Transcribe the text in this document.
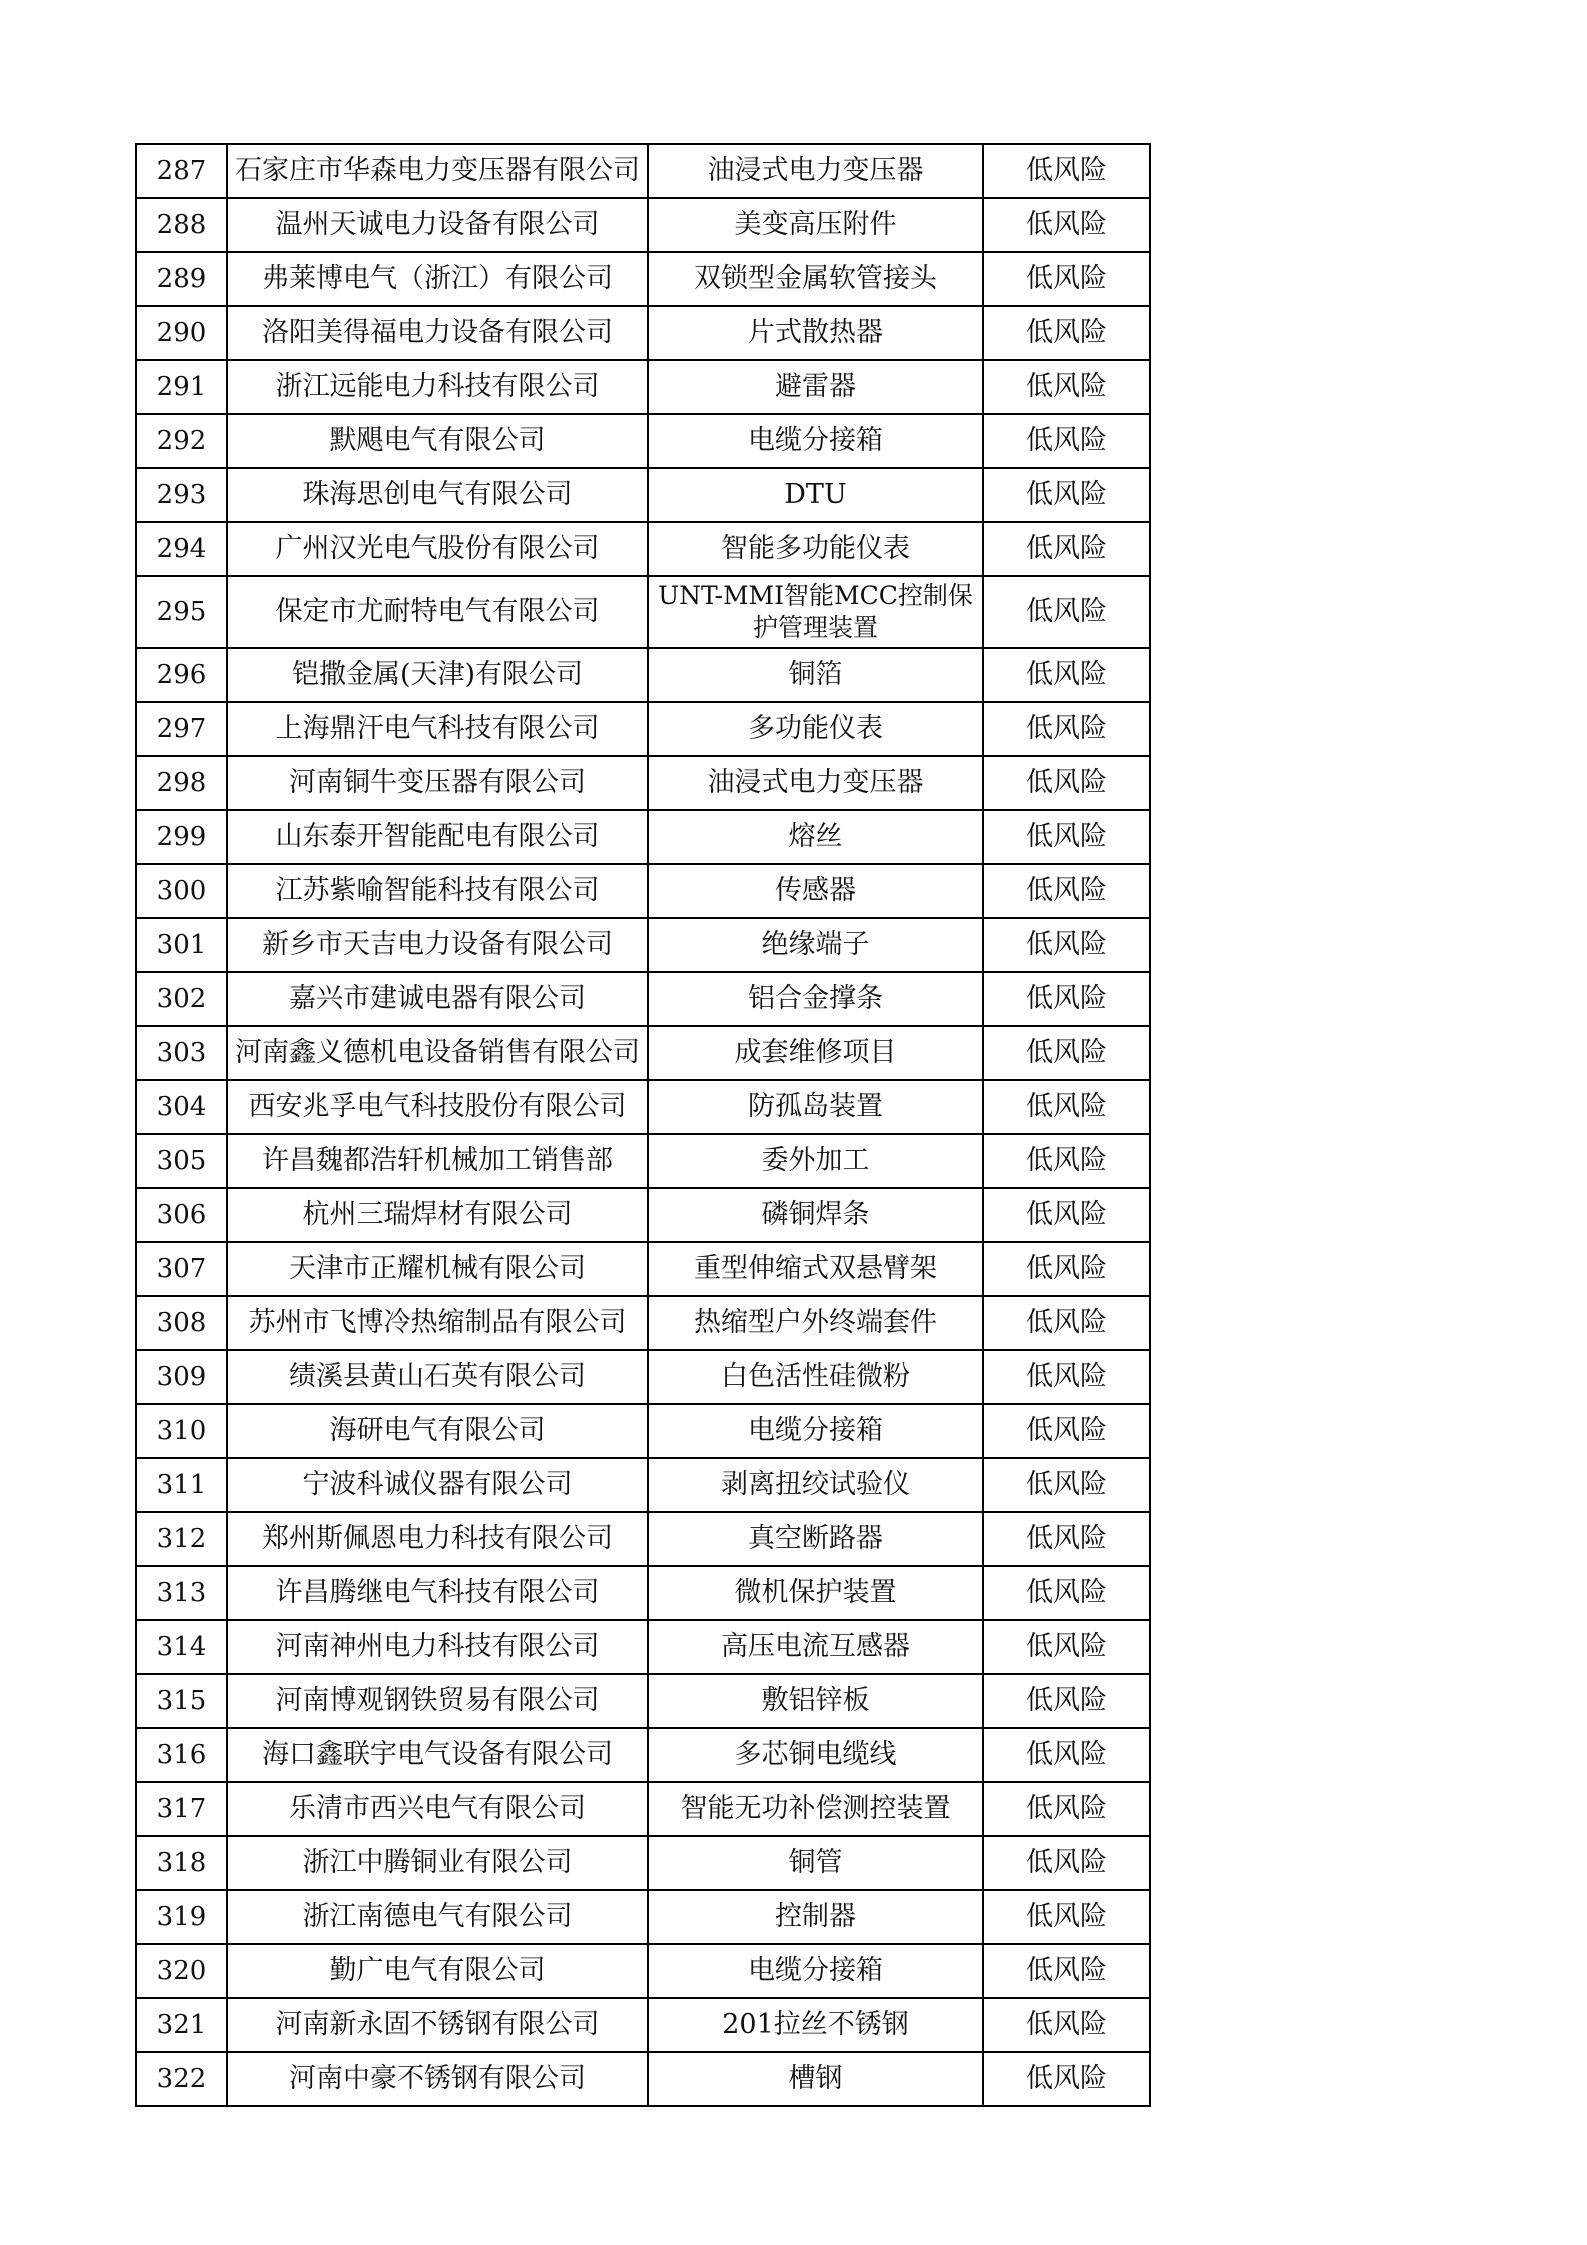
287	石家庄市华森电力变压器有限公司	油浸式电力变压器	低风险
288	温州天诚电力设备有限公司	美变高压附件	低风险
289	弗莱博电气（浙江）有限公司	双锁型金属软管接头	低风险
290	洛阳美得福电力设备有限公司	片式散热器	低风险
291	浙江远能电力科技有限公司	避雷器	低风险
292	默飓电气有限公司	电缆分接箱	低风险
293	珠海思创电气有限公司	DTU	低风险
294	广州汉光电气股份有限公司	智能多功能仪表	低风险
295	保定市尤耐特电气有限公司	UNT-MMI智能MCC控制保护管理装置	低风险
296	铠撒金属(天津)有限公司	铜箔	低风险
297	上海鼎汗电气科技有限公司	多功能仪表	低风险
298	河南铜牛变压器有限公司	油浸式电力变压器	低风险
299	山东泰开智能配电有限公司	熔丝	低风险
300	江苏紫喻智能科技有限公司	传感器	低风险
301	新乡市天吉电力设备有限公司	绝缘端子	低风险
302	嘉兴市建诚电器有限公司	铝合金撑条	低风险
303	河南鑫义德机电设备销售有限公司	成套维修项目	低风险
304	西安兆孚电气科技股份有限公司	防孤岛装置	低风险
305	许昌魏都浩轩机械加工销售部	委外加工	低风险
306	杭州三瑞焊材有限公司	磷铜焊条	低风险
307	天津市正耀机械有限公司	重型伸缩式双悬臂架	低风险
308	苏州市飞博冷热缩制品有限公司	热缩型户外终端套件	低风险
309	绩溪县黄山石英有限公司	白色活性硅微粉	低风险
310	海研电气有限公司	电缆分接箱	低风险
311	宁波科诚仪器有限公司	剥离扭绞试验仪	低风险
312	郑州斯佩恩电力科技有限公司	真空断路器	低风险
313	许昌腾继电气科技有限公司	微机保护装置	低风险
314	河南神州电力科技有限公司	高压电流互感器	低风险
315	河南博观钢铁贸易有限公司	敷铝锌板	低风险
316	海口鑫联宇电气设备有限公司	多芯铜电缆线	低风险
317	乐清市西兴电气有限公司	智能无功补偿测控装置	低风险
318	浙江中腾铜业有限公司	铜管	低风险
319	浙江南德电气有限公司	控制器	低风险
320	勤广电气有限公司	电缆分接箱	低风险
321	河南新永固不锈钢有限公司	201拉丝不锈钢	低风险
322	河南中豪不锈钢有限公司	槽钢	低风险
